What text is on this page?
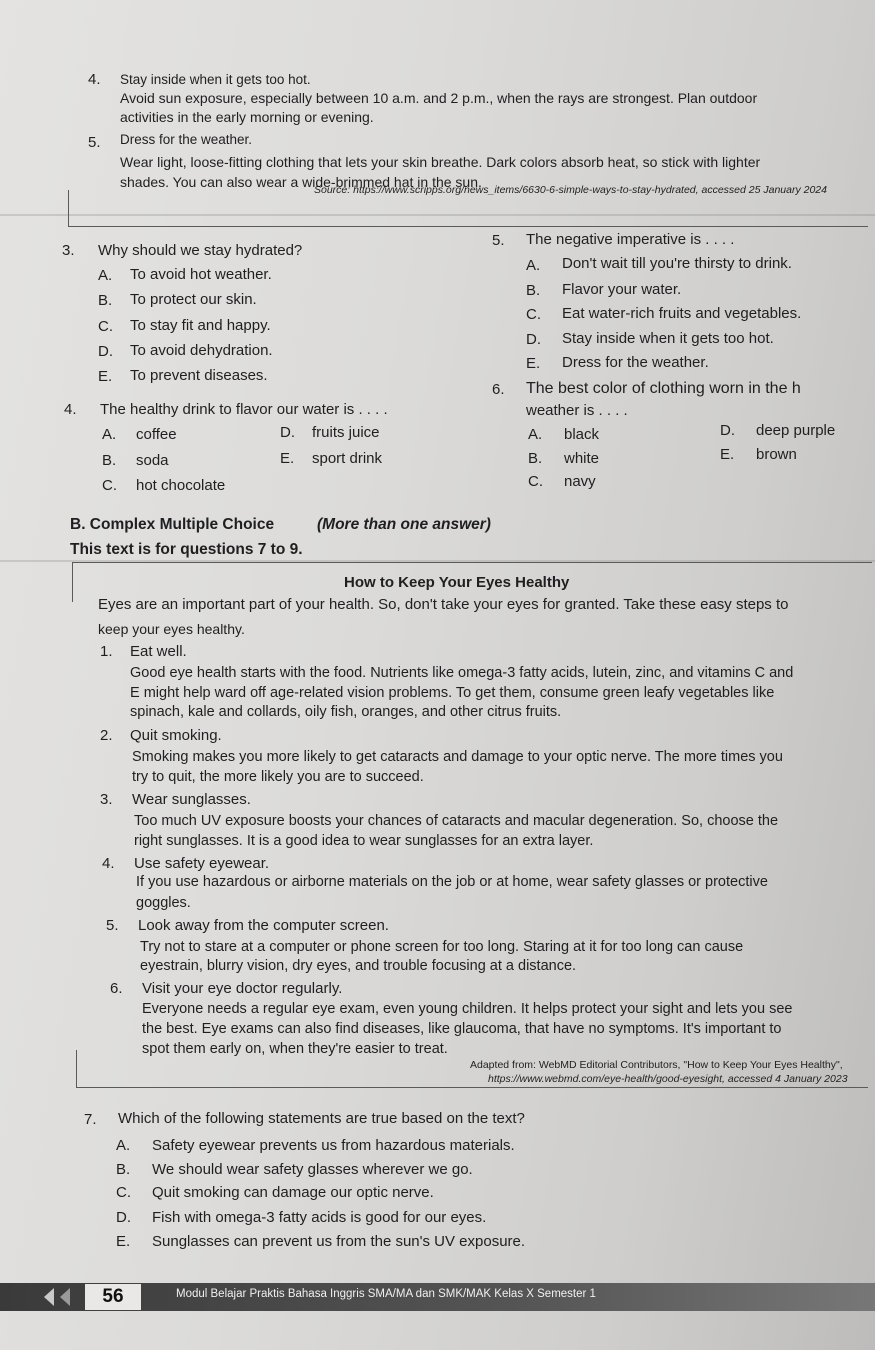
4. Stay inside when it gets too hot.
Avoid sun exposure, especially between 10 a.m. and 2 p.m., when the rays are strongest. Plan outdoor
activities in the early morning or evening.
5. Dress for the weather.
Wear light, loose-fitting clothing that lets your skin breathe. Dark colors absorb heat, so stick with lighter
shades. You can also wear a wide-brimmed hat in the sun.
Source: https://www.scripps.org/news_items/6630-6-simple-ways-to-stay-hydrated, accessed 25 January 2024
3. Why should we stay hydrated?
A. To avoid hot weather.
B. To protect our skin.
C. To stay fit and happy.
D. To avoid dehydration.
E. To prevent diseases.
4. The healthy drink to flavor our water is . . . .
A. coffee
B. soda
C. hot chocolate
D. fruits juice
E. sport drink
5. The negative imperative is . . . .
A. Don't wait till you're thirsty to drink.
B. Flavor your water.
C. Eat water-rich fruits and vegetables.
D. Stay inside when it gets too hot.
E. Dress for the weather.
6. The best color of clothing worn in the h
weather is . . . .
A. black
B. white
C. navy
D. deep purple
E. brown
B. Complex Multiple Choice	(More than one answer)
This text is for questions 7 to 9.
How to Keep Your Eyes Healthy
Eyes are an important part of your health. So, don't take your eyes for granted. Take these easy steps to
keep your eyes healthy.
1. Eat well.
Good eye health starts with the food. Nutrients like omega-3 fatty acids, lutein, zinc, and vitamins C and
E might help ward off age-related vision problems. To get them, consume green leafy vegetables like
spinach, kale and collards, oily fish, oranges, and other citrus fruits.
2. Quit smoking.
Smoking makes you more likely to get cataracts and damage to your optic nerve. The more times you
try to quit, the more likely you are to succeed.
3. Wear sunglasses.
Too much UV exposure boosts your chances of cataracts and macular degeneration. So, choose the
right sunglasses. It is a good idea to wear sunglasses for an extra layer.
4. Use safety eyewear.
If you use hazardous or airborne materials on the job or at home, wear safety glasses or protective
goggles.
5. Look away from the computer screen.
Try not to stare at a computer or phone screen for too long. Staring at it for too long can cause
eyestrain, blurry vision, dry eyes, and trouble focusing at a distance.
6. Visit your eye doctor regularly.
Everyone needs a regular eye exam, even young children. It helps protect your sight and lets you see
the best. Eye exams can also find diseases, like glaucoma, that have no symptoms. It's important to
spot them early on, when they're easier to treat.
Adapted from: WebMD Editorial Contributors, "How to Keep Your Eyes Healthy",
https://www.webmd.com/eye-health/good-eyesight, accessed 4 January 2023
7. Which of the following statements are true based on the text?
A. Safety eyewear prevents us from hazardous materials.
B. We should wear safety glasses wherever we go.
C. Quit smoking can damage our optic nerve.
D. Fish with omega-3 fatty acids is good for our eyes.
E. Sunglasses can prevent us from the sun's UV exposure.
56	Modul Belajar Praktis Bahasa Inggris SMA/MA dan SMK/MAK Kelas X Semester 1
